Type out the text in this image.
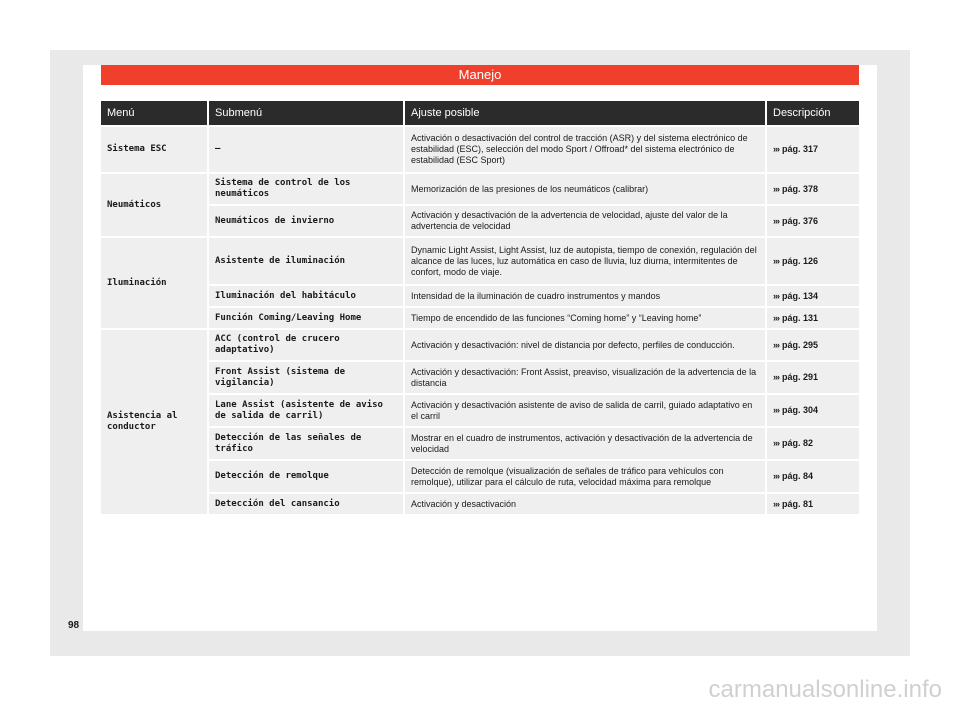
Manejo
Menú	Submenú	Ajuste posible	Descripción
Sistema ESC	–	Activación o desactivación del control de tracción (ASR) y del sistema electrónico de estabilidad (ESC), selección del modo Sport / Offroad* del sistema electrónico de estabilidad (ESC Sport)	››› pág. 317
Neumáticos	Sistema de control de los neumáticos	Memorización de las presiones de los neumáticos (calibrar)	››› pág. 378
	Neumáticos de invierno	Activación y desactivación de la advertencia de velocidad, ajuste del valor de la advertencia de velocidad	››› pág. 376
Iluminación	Asistente de iluminación	Dynamic Light Assist, Light Assist, luz de autopista, tiempo de conexión, regulación del alcance de las luces, luz automática en caso de lluvia, luz diurna, intermitentes de confort, modo de viaje.	››› pág. 126
	Iluminación del habitáculo	Intensidad de la iluminación de cuadro instrumentos y mandos	››› pág. 134
	Función Coming/Leaving Home	Tiempo de encendido de las funciones “Coming home” y “Leaving home”	››› pág. 131
Asistencia al conductor	ACC (control de crucero adaptativo)	Activación y desactivación: nivel de distancia por defecto, perfiles de conducción.	››› pág. 295
	Front Assist (sistema de vigilancia)	Activación y desactivación: Front Assist, preaviso, visualización de la advertencia de la distancia	››› pág. 291
	Lane Assist (asistente de aviso de salida de carril)	Activación y desactivación asistente de aviso de salida de carril, guiado adaptativo en el carril	››› pág. 304
	Detección de las señales de tráfico	Mostrar en el cuadro de instrumentos, activación y desactivación de la advertencia de velocidad	››› pág. 82
	Detección de remolque	Detección de remolque (visualización de señales de tráfico para vehículos con remolque), utilizar para el cálculo de ruta, velocidad máxima para remolque	››› pág. 84
	Detección del cansancio	Activación y desactivación	››› pág. 81
98
carmanualsonline.info
